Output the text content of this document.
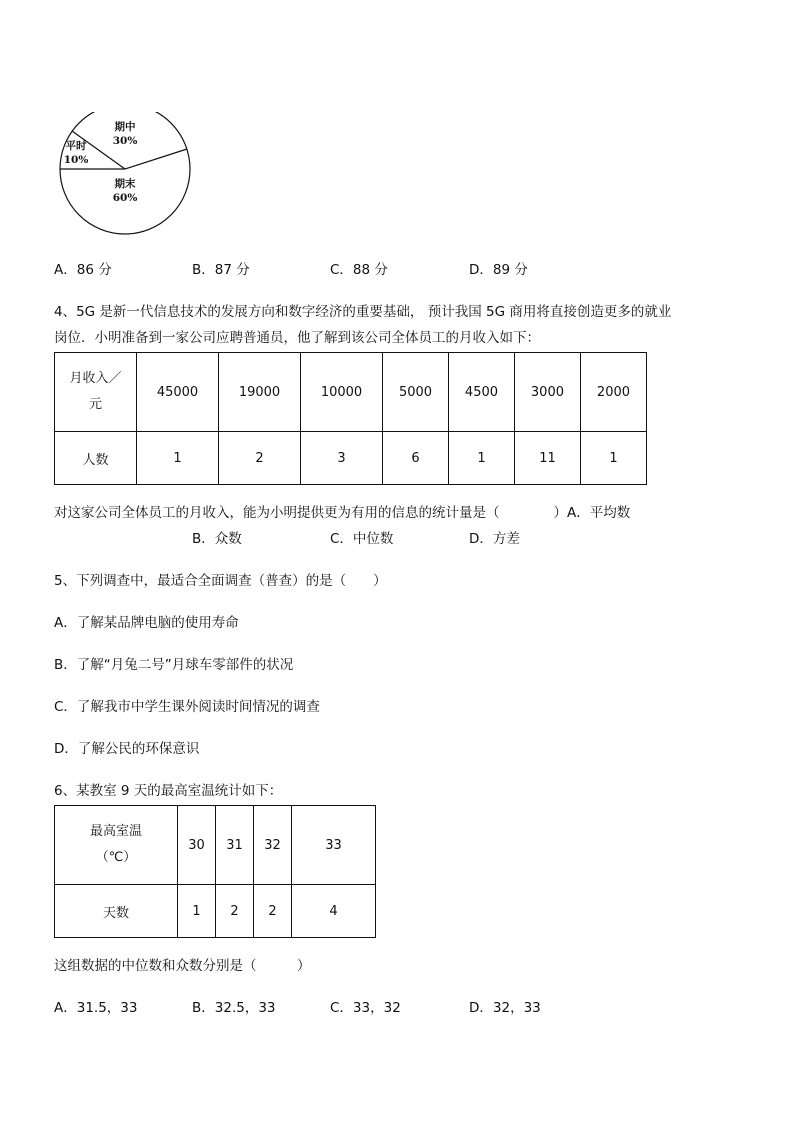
期中
30%
平时
10%
期末
60%
A．86 分	B．87 分	C．88 分	D．89 分
4、5G 是新一代信息技术的发展方向和数字经济的重要基础， 预计我国 5G 商用将直接创造更多的就业
岗位．小明准备到一家公司应聘普通员，他了解到该公司全体员工的月收入如下：
月收入／
元	45000	19000	10000	5000	4500	3000	2000
人数	1	2	3	6	1	11	1
对这家公司全体员工的月收入，能为小明提供更为有用的信息的统计量是（　　　　）A．平均数
B．众数	C．中位数	D．方差
5、下列调查中，最适合全面调查（普查）的是（　　）
A．了解某品牌电脑的使用寿命
B．了解“月兔二号”月球车零部件的状况
C．了解我市中学生课外阅读时间情况的调查
D．了解公民的环保意识
6、某教室 9 天的最高室温统计如下：
最高室温
（℃）	30	31	32	33
天数	1	2	2	4
这组数据的中位数和众数分别是（　　　）
A．31.5，33	B．32.5，33	C．33，32	D．32，33
